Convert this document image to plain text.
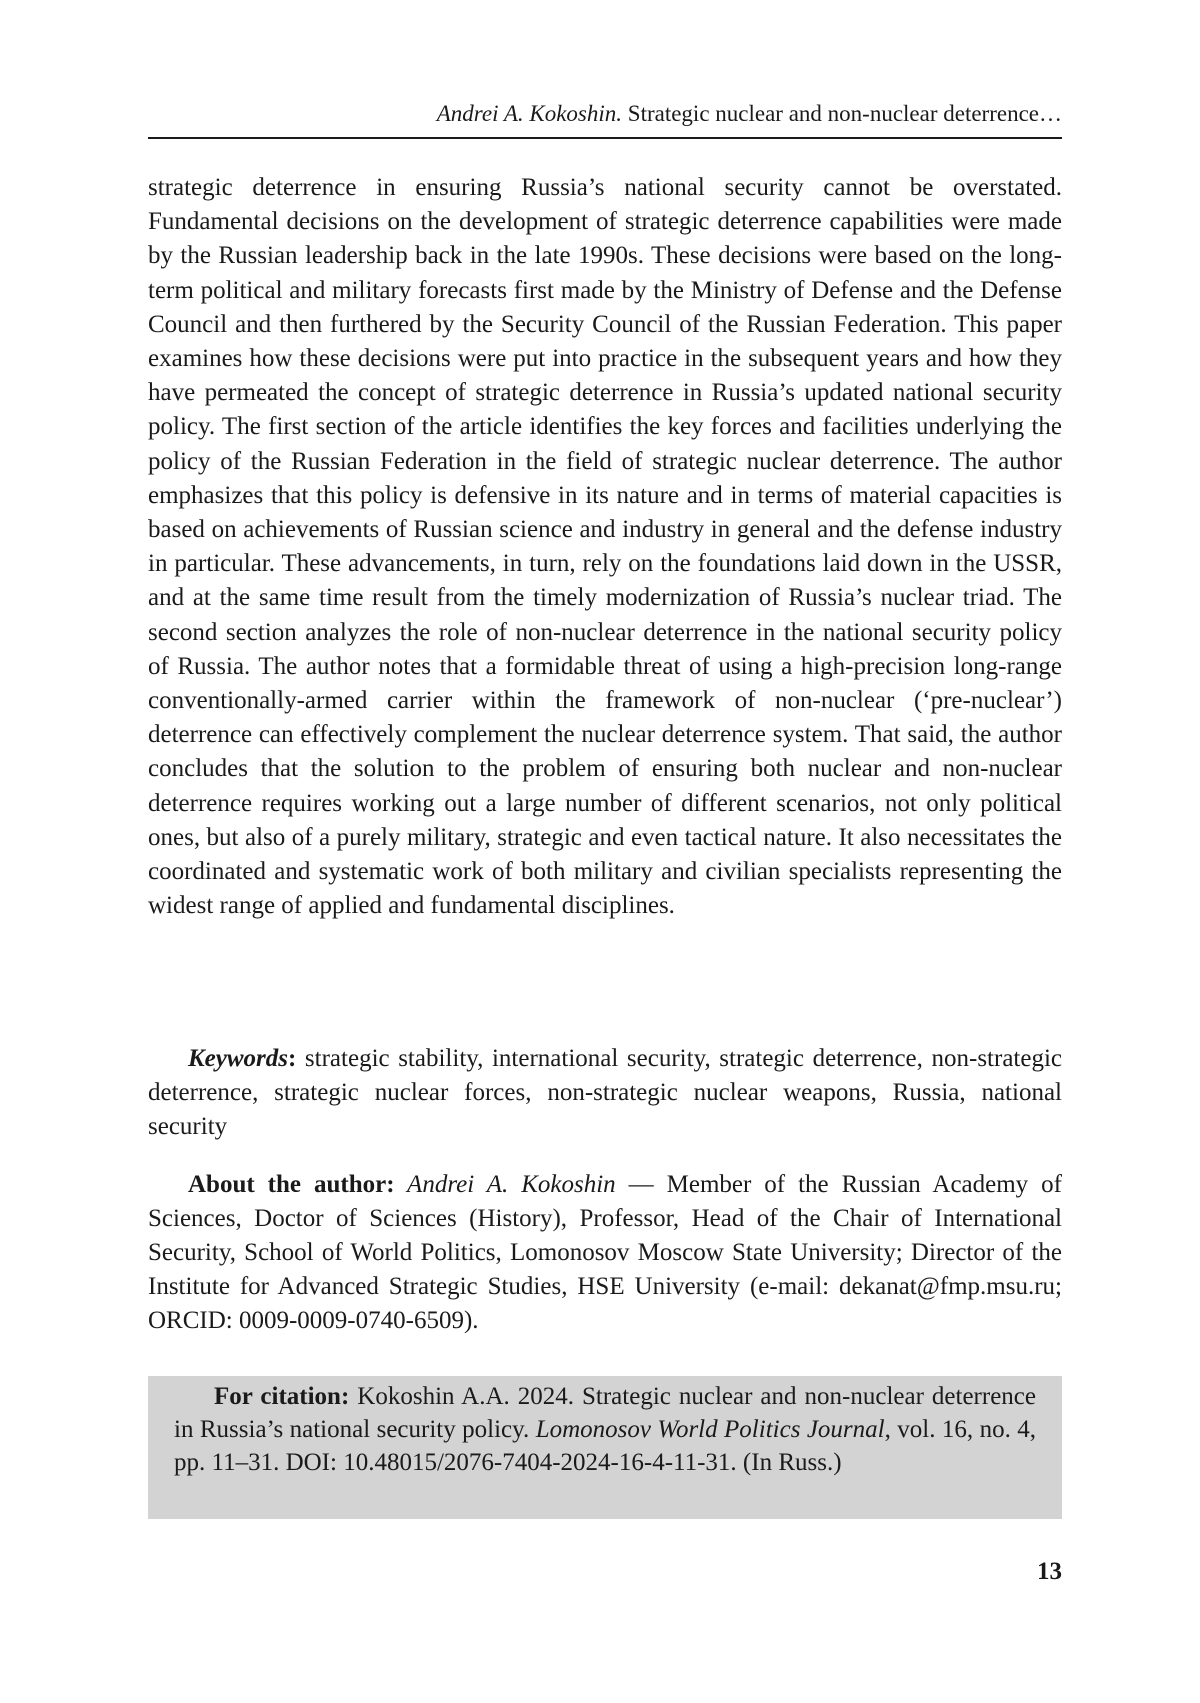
Andrei A. Kokoshin. Strategic nuclear and non-nuclear deterrence…

strategic deterrence in ensuring Russia’s national security cannot be overstated. Fundamental decisions on the development of strategic deterrence capabilities were made by the Russian leadership back in the late 1990s. These decisions were based on the long-term political and military forecasts first made by the Ministry of Defense and the Defense Council and then furthered by the Security Council of the Russian Federation. This paper examines how these decisions were put into practice in the subsequent years and how they have permeated the concept of strategic deterrence in Russia’s updated national security policy. The first section of the article identifies the key forces and facilities underlying the policy of the Russian Federation in the field of strategic nuclear deterrence. The author emphasizes that this policy is defensive in its nature and in terms of material capacities is based on achievements of Russian science and industry in general and the defense industry in particular. These advancements, in turn, rely on the foundations laid down in the USSR, and at the same time result from the timely modernization of Russia’s nuclear triad. The second section analyzes the role of non-nuclear deterrence in the national security policy of Russia. The author notes that a formidable threat of using a high-precision long-range conventionally-armed carrier within the framework of non-nuclear (‘pre-nuclear’) deterrence can effectively complement the nuclear deterrence system. That said, the author concludes that the solution to the problem of ensuring both nuclear and non-nuclear deterrence requires working out a large number of different scenarios, not only political ones, but also of a purely military, strategic and even tactical nature. It also necessitates the coordinated and systematic work of both military and civilian specialists representing the widest range of applied and fundamental disciplines.

Keywords: strategic stability, international security, strategic deterrence, non-strategic deterrence, strategic nuclear forces, non-strategic nuclear weapons, Russia, national security

About the author: Andrei A. Kokoshin — Member of the Russian Academy of Sciences, Doctor of Sciences (History), Professor, Head of the Chair of International Security, School of World Politics, Lomonosov Moscow State University; Director of the Institute for Advanced Strategic Studies, HSE University (e-mail: dekanat@fmp.msu.ru; ORCID: 0009-0009-0740-6509).

For citation: Kokoshin A.A. 2024. Strategic nuclear and non-nuclear deterrence in Russia’s national security policy. Lomonosov World Politics Journal, vol. 16, no. 4, pp. 11–31. DOI: 10.48015/2076-7404-2024-16-4-11-31. (In Russ.)

13
